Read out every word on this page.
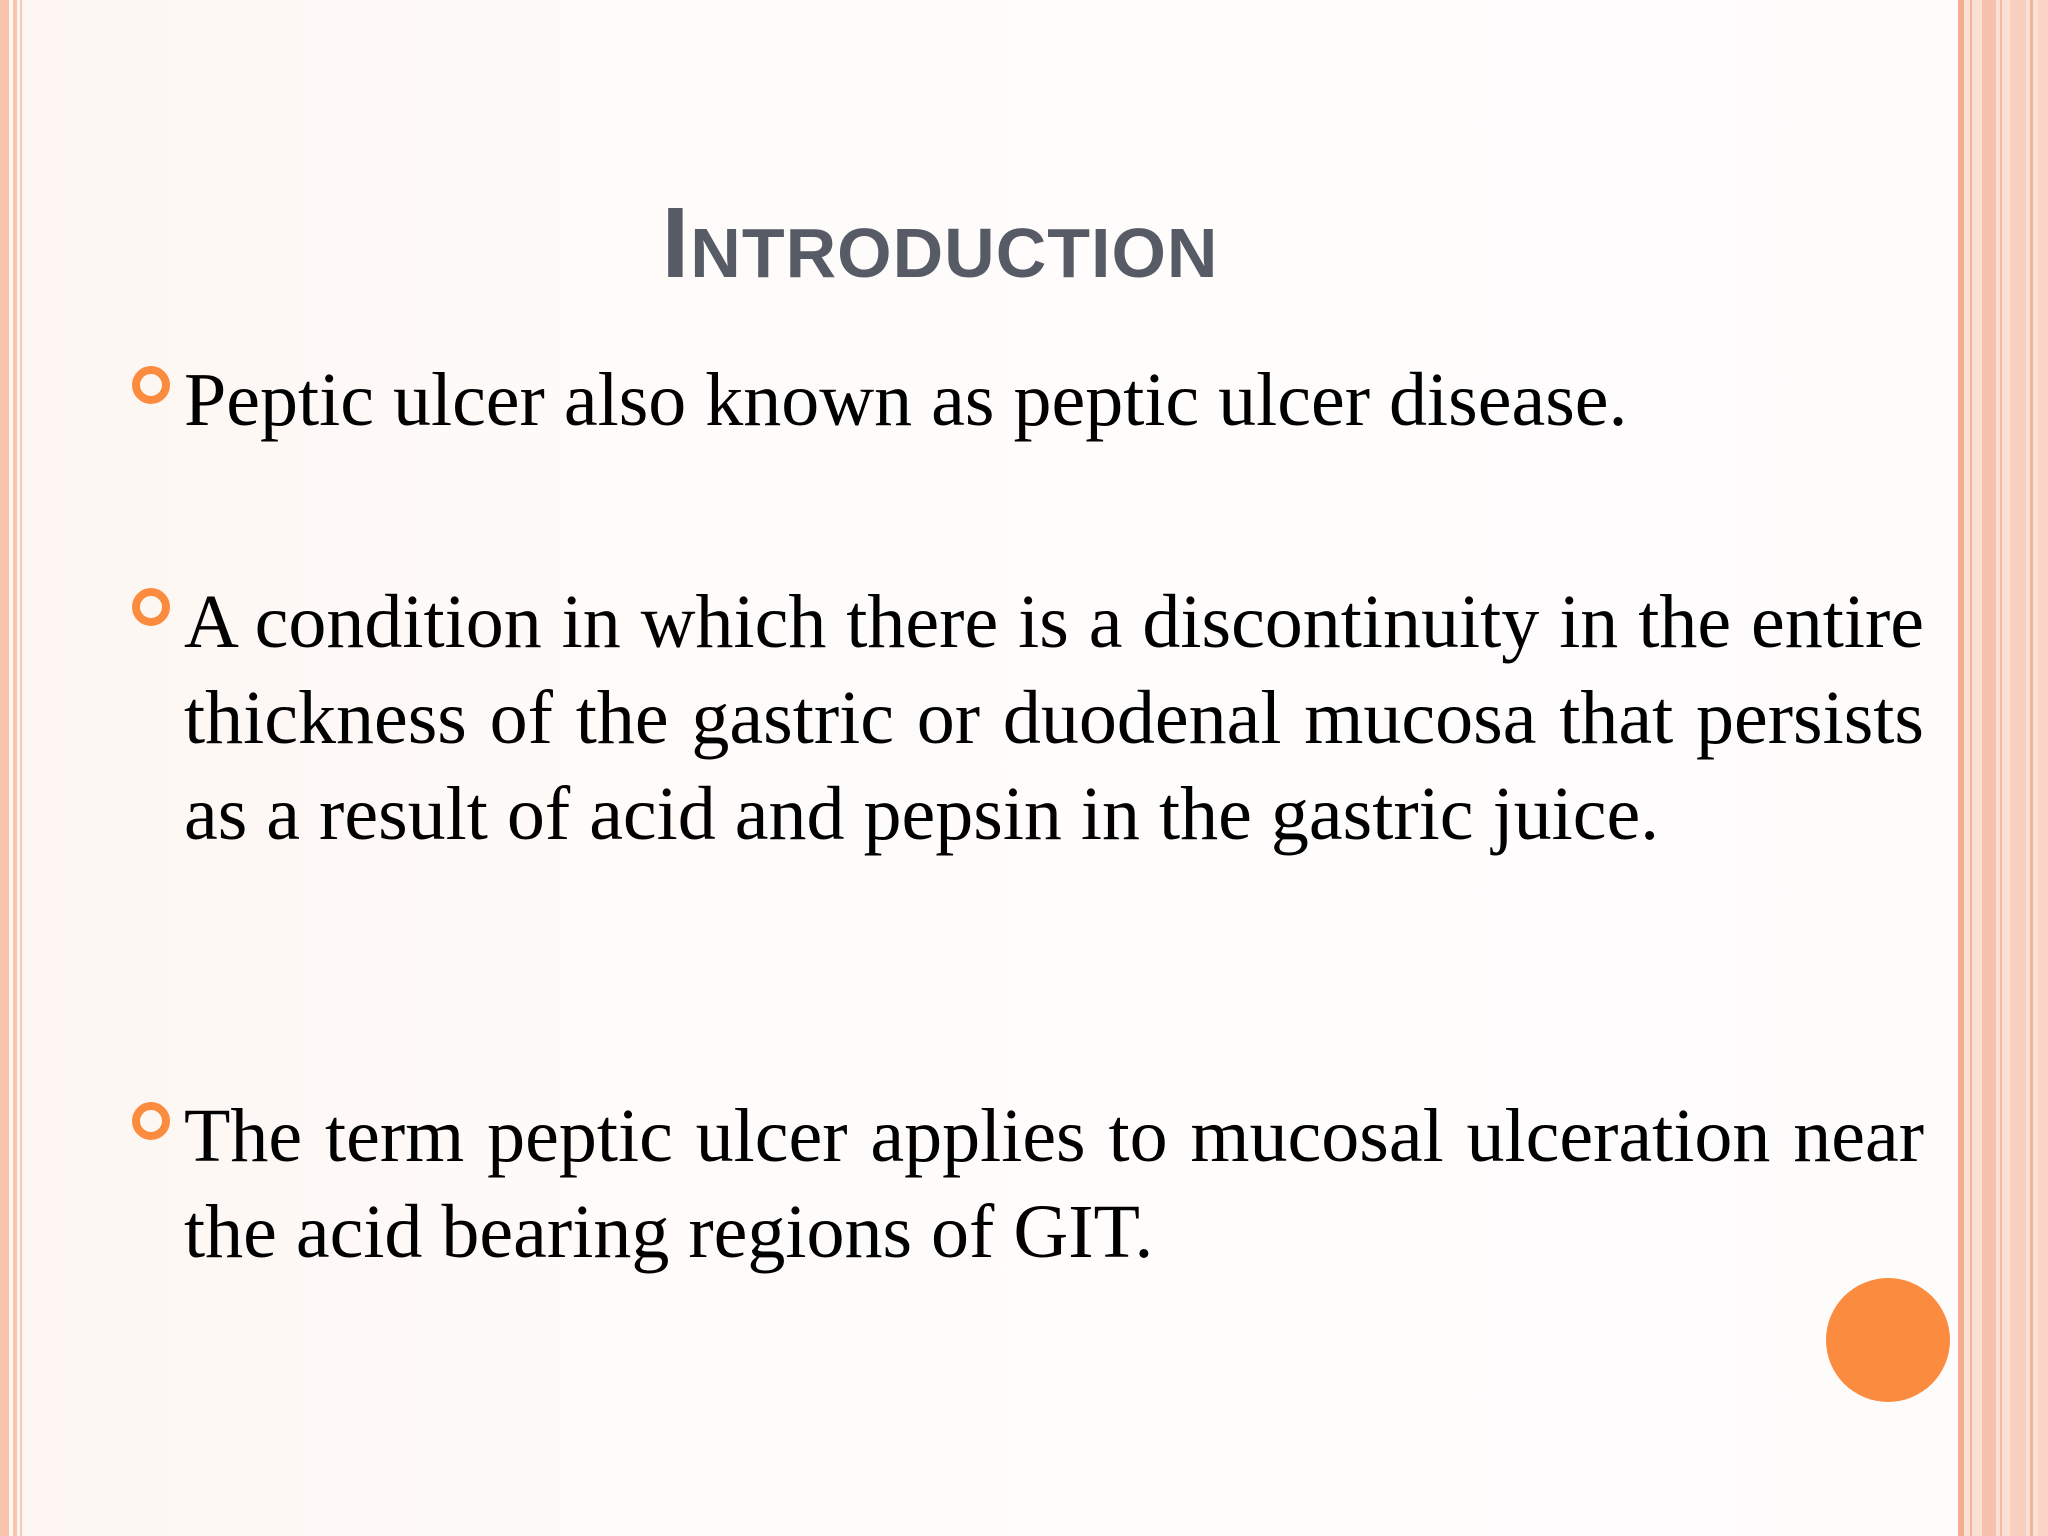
Introduction
Peptic ulcer also known as peptic ulcer disease.
A condition in which there is a discontinuity in the entire thickness of the gastric or duodenal mucosa that persists as a result of acid and pepsin in the gastric juice.
The term peptic ulcer applies to mucosal ulceration near the acid bearing regions of GIT.
